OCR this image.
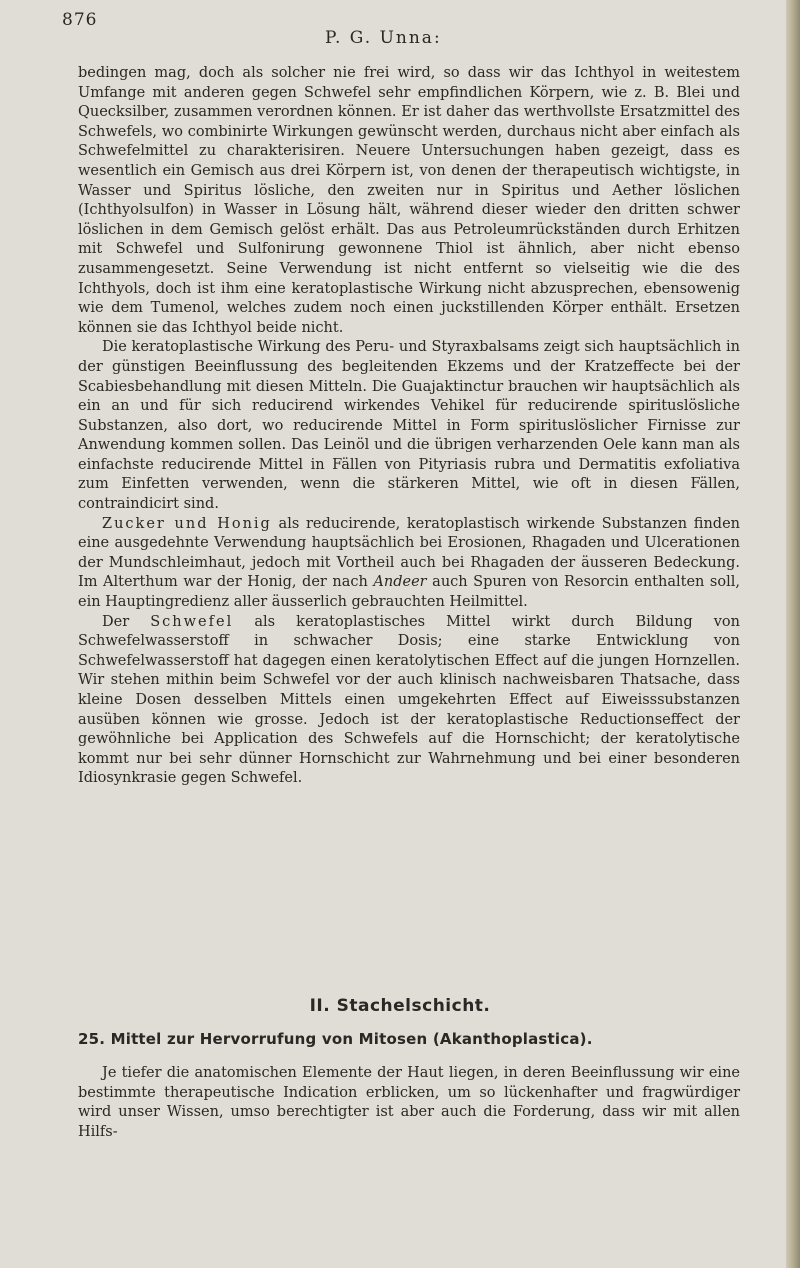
876
P. G. Unna:

bedingen mag, doch als solcher nie frei wird, so dass wir das Ichthyol in weitestem Umfange mit anderen gegen Schwefel sehr empfindlichen Körpern, wie z. B. Blei und Quecksilber, zusammen verordnen können. Er ist daher das werthvollste Ersatzmittel des Schwefels, wo combinirte Wirkungen gewünscht werden, durchaus nicht aber einfach als Schwefelmittel zu charakterisiren. Neuere Untersuchungen haben gezeigt, dass es wesentlich ein Gemisch aus drei Körpern ist, von denen der therapeutisch wichtigste, in Wasser und Spiritus lösliche, den zweiten nur in Spiritus und Aether löslichen (Ichthyolsulfon) in Wasser in Lösung hält, während dieser wieder den dritten schwer löslichen in dem Gemisch gelöst erhält. Das aus Petroleumrückständen durch Erhitzen mit Schwefel und Sulfonirung gewonnene Thiol ist ähnlich, aber nicht ebenso zusammengesetzt. Seine Verwendung ist nicht entfernt so vielseitig wie die des Ichthyols, doch ist ihm eine keratoplastische Wirkung nicht abzusprechen, ebensowenig wie dem Tumenol, welches zudem noch einen juckstillenden Körper enthält. Ersetzen können sie das Ichthyol beide nicht.

Die keratoplastische Wirkung des Peru- und Styraxbalsams zeigt sich hauptsächlich in der günstigen Beeinflussung des begleitenden Ekzems und der Kratzeffecte bei der Scabiesbehandlung mit diesen Mitteln. Die Guajaktinctur brauchen wir hauptsächlich als ein an und für sich reducirend wirkendes Vehikel für reducirende spirituslösliche Substanzen, also dort, wo reducirende Mittel in Form spirituslöslicher Firnisse zur Anwendung kommen sollen. Das Leinöl und die übrigen verharzenden Oele kann man als einfachste reducirende Mittel in Fällen von Pityriasis rubra und Dermatitis exfoliativa zum Einfetten verwenden, wenn die stärkeren Mittel, wie oft in diesen Fällen, contraindicirt sind.

Zucker und Honig als reducirende, keratoplastisch wirkende Substanzen finden eine ausgedehnte Verwendung hauptsächlich bei Erosionen, Rhagaden und Ulcerationen der Mundschleimhaut, jedoch mit Vortheil auch bei Rhagaden der äusseren Bedeckung. Im Alterthum war der Honig, der nach Andeer auch Spuren von Resorcin enthalten soll, ein Hauptingredienz aller äusserlich gebrauchten Heilmittel.

Der Schwefel als keratoplastisches Mittel wirkt durch Bildung von Schwefelwasserstoff in schwacher Dosis; eine starke Entwicklung von Schwefelwasserstoff hat dagegen einen keratolytischen Effect auf die jungen Hornzellen. Wir stehen mithin beim Schwefel vor der auch klinisch nachweisbaren Thatsache, dass kleine Dosen desselben Mittels einen umgekehrten Effect auf Eiweisssubstanzen ausüben können wie grosse. Jedoch ist der keratoplastische Reductionseffect der gewöhnliche bei Application des Schwefels auf die Hornschicht; der keratolytische kommt nur bei sehr dünner Hornschicht zur Wahrnehmung und bei einer besonderen Idiosynkrasie gegen Schwefel.

II. Stachelschicht.
25. Mittel zur Hervorrufung von Mitosen (Akanthoplastica).

Je tiefer die anatomischen Elemente der Haut liegen, in deren Beeinflussung wir eine bestimmte therapeutische Indication erblicken, um so lückenhafter und fragwürdiger wird unser Wissen, umso berechtigter ist aber auch die Forderung, dass wir mit allen Hilfs-
